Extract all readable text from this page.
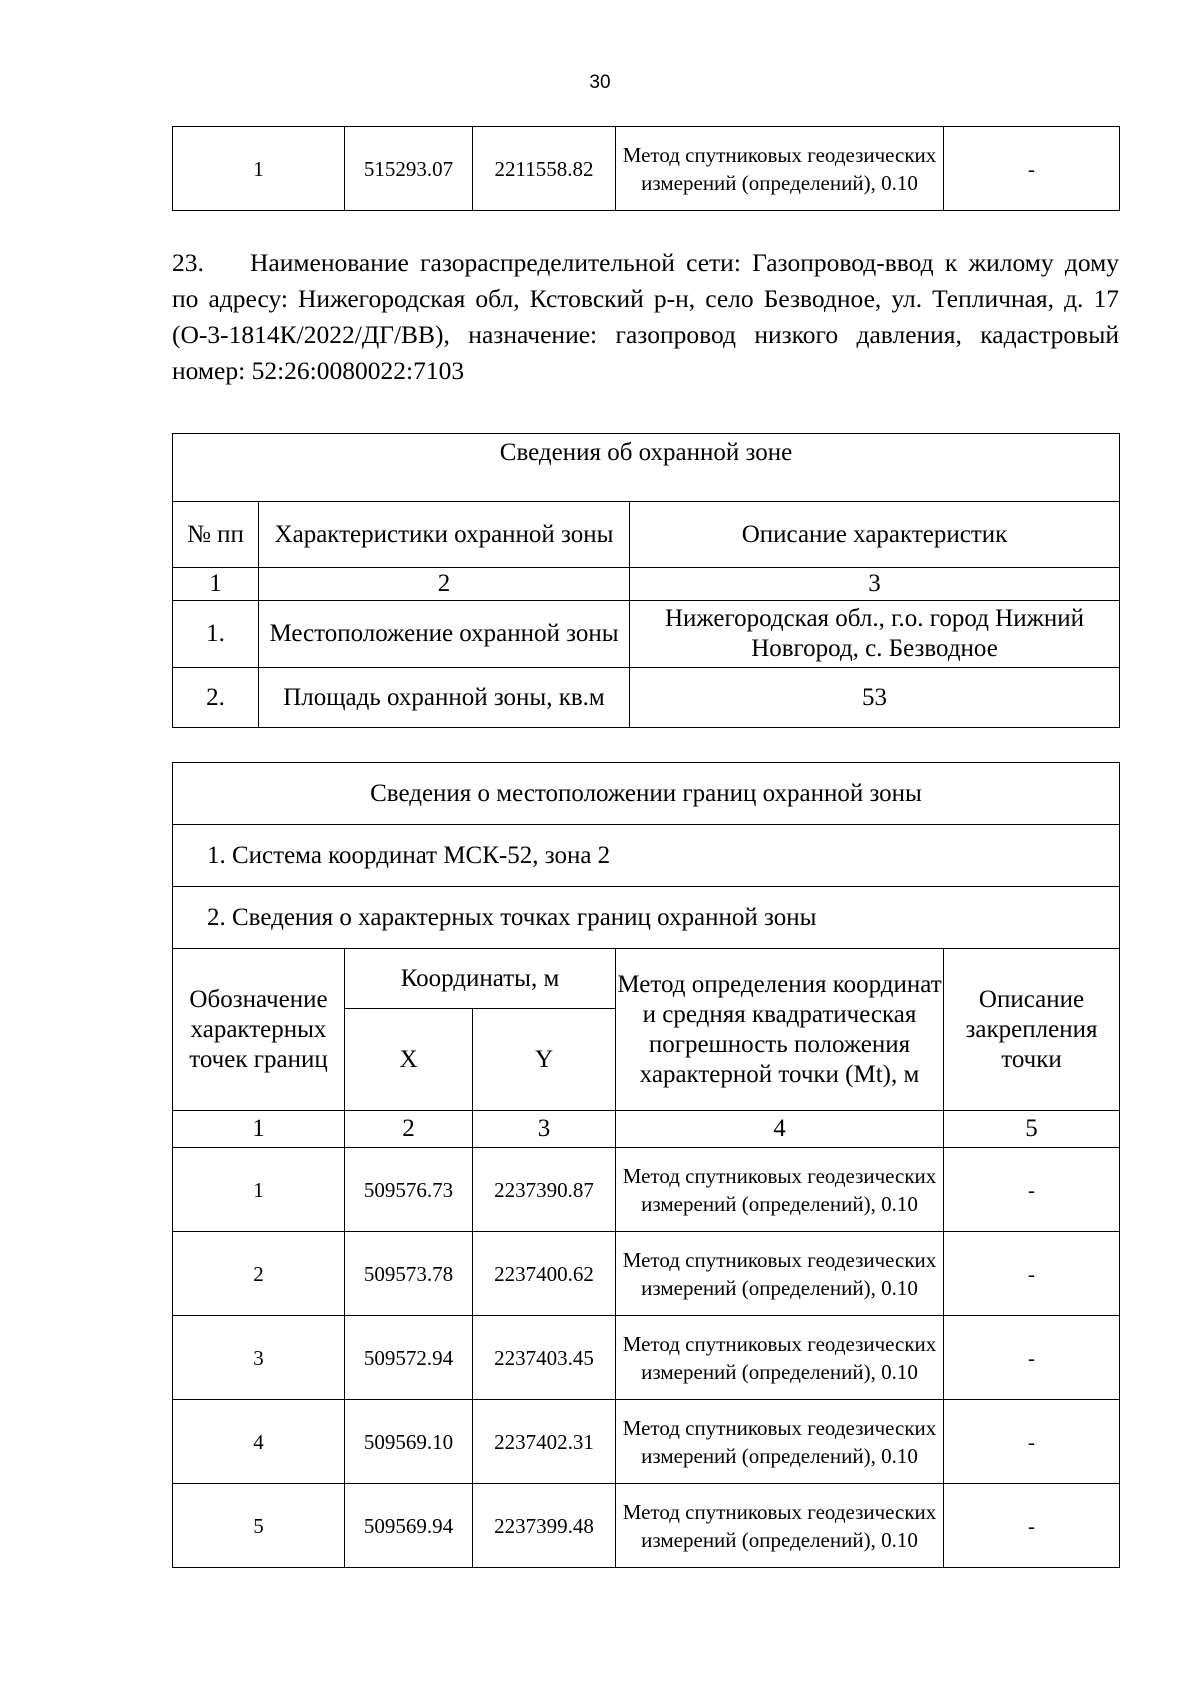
30
1	515293.07	2211558.82	Метод спутниковых геодезических измерений (определений), 0.10	-
23. Наименование газораспределительной сети: Газопровод-ввод к жилому дому по адресу: Нижегородская обл, Кстовский р-н, село Безводное, ул. Тепличная, д. 17 (О-3-1814К/2022/ДГ/ВВ), назначение: газопровод низкого давления, кадастровый номер: 52:26:0080022:7103
Сведения об охранной зоне		
№ пп	Характеристики охранной зоны	Описание характеристик
1	2	3
1.	Местоположение охранной зоны	Нижегородская обл., г.о. город Нижний Новгород, с. Безводное
2.	Площадь охранной зоны, кв.м	53
Сведения о местоположении границ охранной зоны				
1. Система координат МСК-52, зона 2				
2. Сведения о характерных точках границ охранной зоны				
Обозначение характерных точек границ	Координаты, м		Метод определения координат и средняя квадратическая погрешность положения характерной точки (Mt), м	Описание закрепления точки
	X	Y		
1	2	3	4	5
1	509576.73	2237390.87	Метод спутниковых геодезических измерений (определений), 0.10	-
2	509573.78	2237400.62	Метод спутниковых геодезических измерений (определений), 0.10	-
3	509572.94	2237403.45	Метод спутниковых геодезических измерений (определений), 0.10	-
4	509569.10	2237402.31	Метод спутниковых геодезических измерений (определений), 0.10	-
5	509569.94	2237399.48	Метод спутниковых геодезических измерений (определений), 0.10	-
